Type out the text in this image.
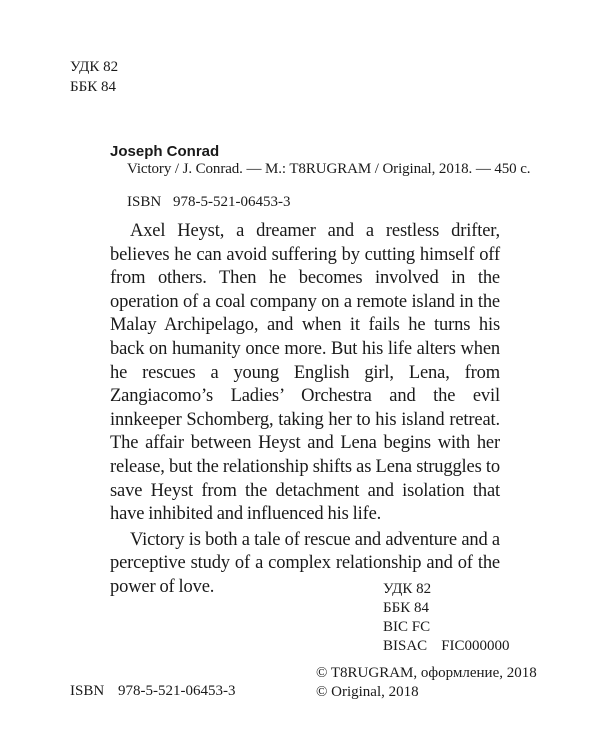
УДК 82
ББК 84
Joseph Conrad
Victory / J. Conrad. — M.: T8RUGRAM / Original, 2018. — 450 с.
ISBN 978-5-521-06453-3

Axel Heyst, a dreamer and a restless drifter, believes he can avoid suffering by cutting himself off from others. Then he becomes involved in the operation of a coal company on a remote island in the Malay Archipelago, and when it fails he turns his back on humanity once more. But his life alters when he rescues a young English girl, Lena, from Zangiacomo’s Ladies’ Orchestra and the evil innkeeper Schomberg, taking her to his island retreat. The affair between Heyst and Lena begins with her release, but the relationship shifts as Lena struggles to save Heyst from the detachment and isolation that have inhibited and influenced his life.

Victory is both a tale of rescue and adventure and a perceptive study of a complex relationship and of the power of love.	УДК 82
ББК 84
BIC FC
BISAC FIC000000
© T8RUGRAM, оформление, 2018
© Original, 2018
ISBN 978-5-521-06453-3
